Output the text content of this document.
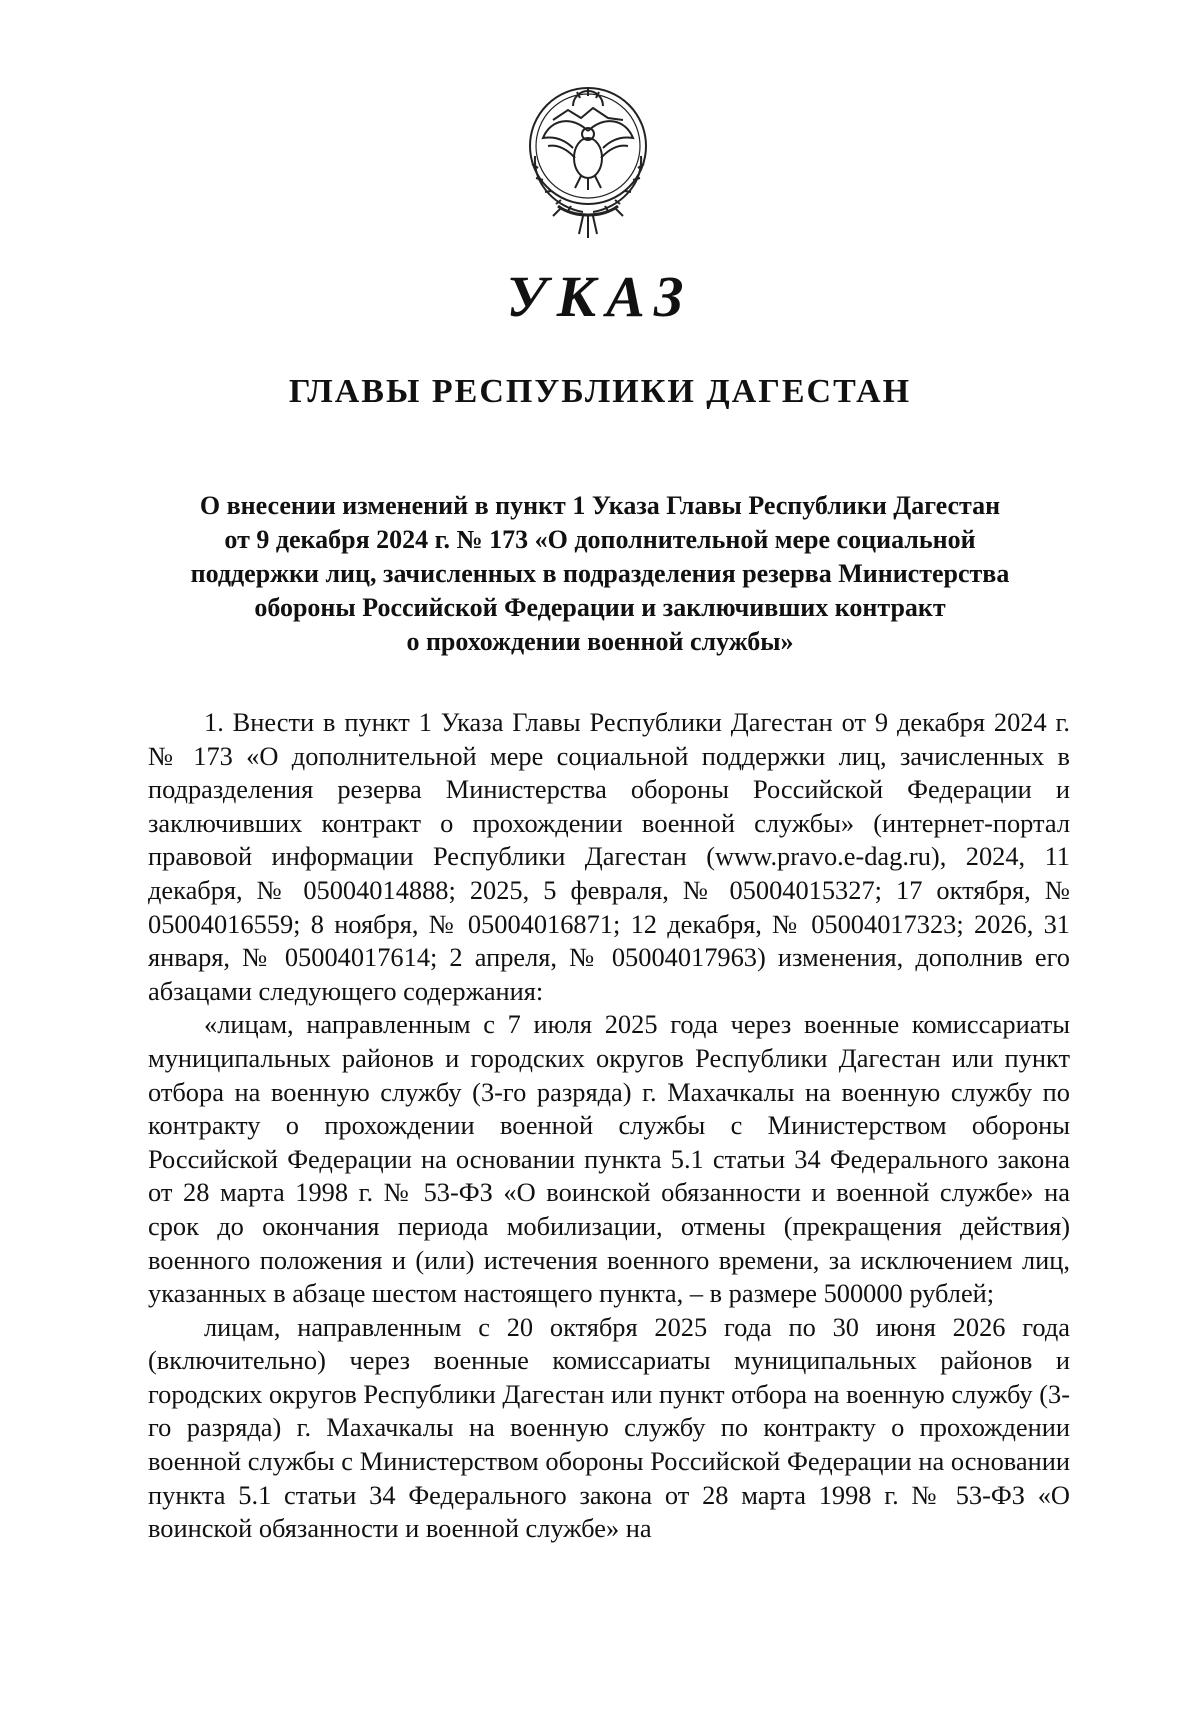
УКАЗ
ГЛАВЫ РЕСПУБЛИКИ ДАГЕСТАН
О внесении изменений в пункт 1 Указа Главы Республики Дагестан
от 9 декабря 2024 г. № 173 «О дополнительной мере социальной
поддержки лиц, зачисленных в подразделения резерва Министерства
обороны Российской Федерации и заключивших контракт
о прохождении военной службы»

1. Внести в пункт 1 Указа Главы Республики Дагестан от 9 декабря 2024 г. № 173 «О дополнительной мере социальной поддержки лиц, зачисленных в подразделения резерва Министерства обороны Российской Федерации и заключивших контракт о прохождении военной службы» (интернет-портал правовой информации Республики Дагестан (www.pravo.e-dag.ru), 2024, 11 декабря, № 05004014888; 2025, 5 февраля, № 05004015327; 17 октября, № 05004016559; 8 ноября, № 05004016871; 12 декабря, № 05004017323; 2026, 31 января, № 05004017614; 2 апреля, № 05004017963) изменения, дополнив его абзацами следующего содержания:

«лицам, направленным с 7 июля 2025 года через военные комиссариаты муниципальных районов и городских округов Республики Дагестан или пункт отбора на военную службу (3-го разряда) г. Махачкалы на военную службу по контракту о прохождении военной службы с Министерством обороны Российской Федерации на основании пункта 5.1 статьи 34 Федерального закона от 28 марта 1998 г. № 53-ФЗ «О воинской обязанности и военной службе» на срок до окончания периода мобилизации, отмены (прекращения действия) военного положения и (или) истечения военного времени, за исключением лиц, указанных в абзаце шестом настоящего пункта, – в размере 500000 рублей;

лицам, направленным с 20 октября 2025 года по 30 июня 2026 года (включительно) через военные комиссариаты муниципальных районов и городских округов Республики Дагестан или пункт отбора на военную службу (3-го разряда) г. Махачкалы на военную службу по контракту о прохождении военной службы с Министерством обороны Российской Федерации на основании пункта 5.1 статьи 34 Федерального закона от 28 марта 1998 г. № 53-ФЗ «О воинской обязанности и военной службе» на
